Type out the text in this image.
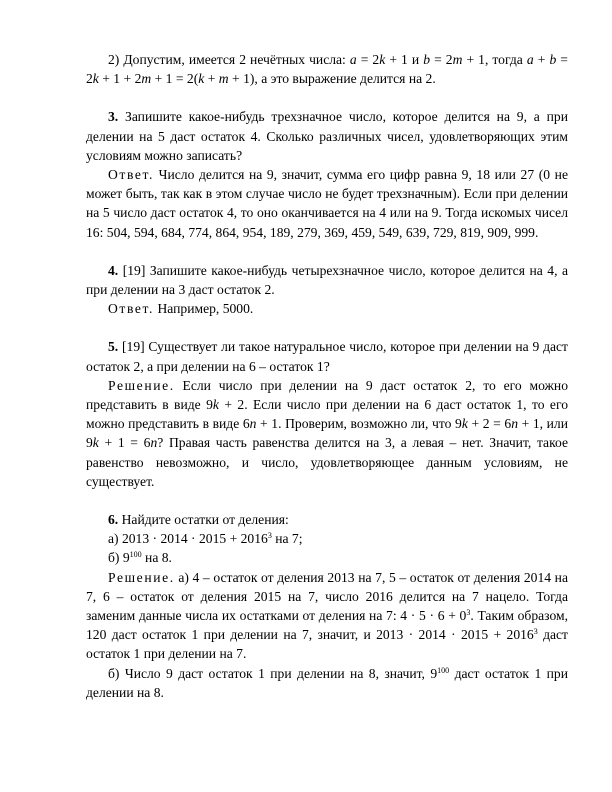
2) Допустим, имеется 2 нечётных числа: a = 2k + 1 и b = 2m + 1, тогда a + b = 2k + 1 + 2m + 1 = 2(k + m + 1), а это выражение делится на 2.

3. Запишите какое-нибудь трехзначное число, которое делится на 9, а при делении на 5 даст остаток 4. Сколько различных чисел, удовлетворяющих этим условиям можно записать?

Ответ. Число делится на 9, значит, сумма его цифр равна 9, 18 или 27 (0 не может быть, так как в этом случае число не будет трехзначным). Если при делении на 5 число даст остаток 4, то оно оканчивается на 4 или на 9. Тогда искомых чисел 16: 504, 594, 684, 774, 864, 954, 189, 279, 369, 459, 549, 639, 729, 819, 909, 999.

4. [19] Запишите какое-нибудь четырехзначное число, которое делится на 4, а при делении на 3 даст остаток 2.

Ответ. Например, 5000.

5. [19] Существует ли такое натуральное число, которое при делении на 9 даст остаток 2, а при делении на 6 – остаток 1?

Решение. Если число при делении на 9 даст остаток 2, то его можно представить в виде 9k + 2. Если число при делении на 6 даст остаток 1, то его можно представить в виде 6n + 1. Проверим, возможно ли, что 9k + 2 = 6n + 1, или 9k + 1 = 6n? Правая часть равенства делится на 3, а левая – нет. Значит, такое равенство невозможно, и число, удовлетворяющее данным условиям, не существует.

6. Найдите остатки от деления:

а) $2013 \cdot 2014 \cdot 2015 + 2016^3$ на 7;

б) $9^{100}$ на 8.

Решение. а) 4 – остаток от деления 2013 на 7, 5 – остаток от деления 2014 на 7, 6 – остаток от деления 2015 на 7, число 2016 делится на 7 нацело. Тогда заменим данные числа их остатками от деления на 7: $4 \cdot 5 \cdot 6 + 0^3$. Таким образом, 120 даст остаток 1 при делении на 7, значит, и $2013 \cdot 2014 \cdot 2015 + 2016^3$ даст остаток 1 при делении на 7.

б) Число 9 даст остаток 1 при делении на 8, значит, $9^{100}$ даст остаток 1 при делении на 8.
